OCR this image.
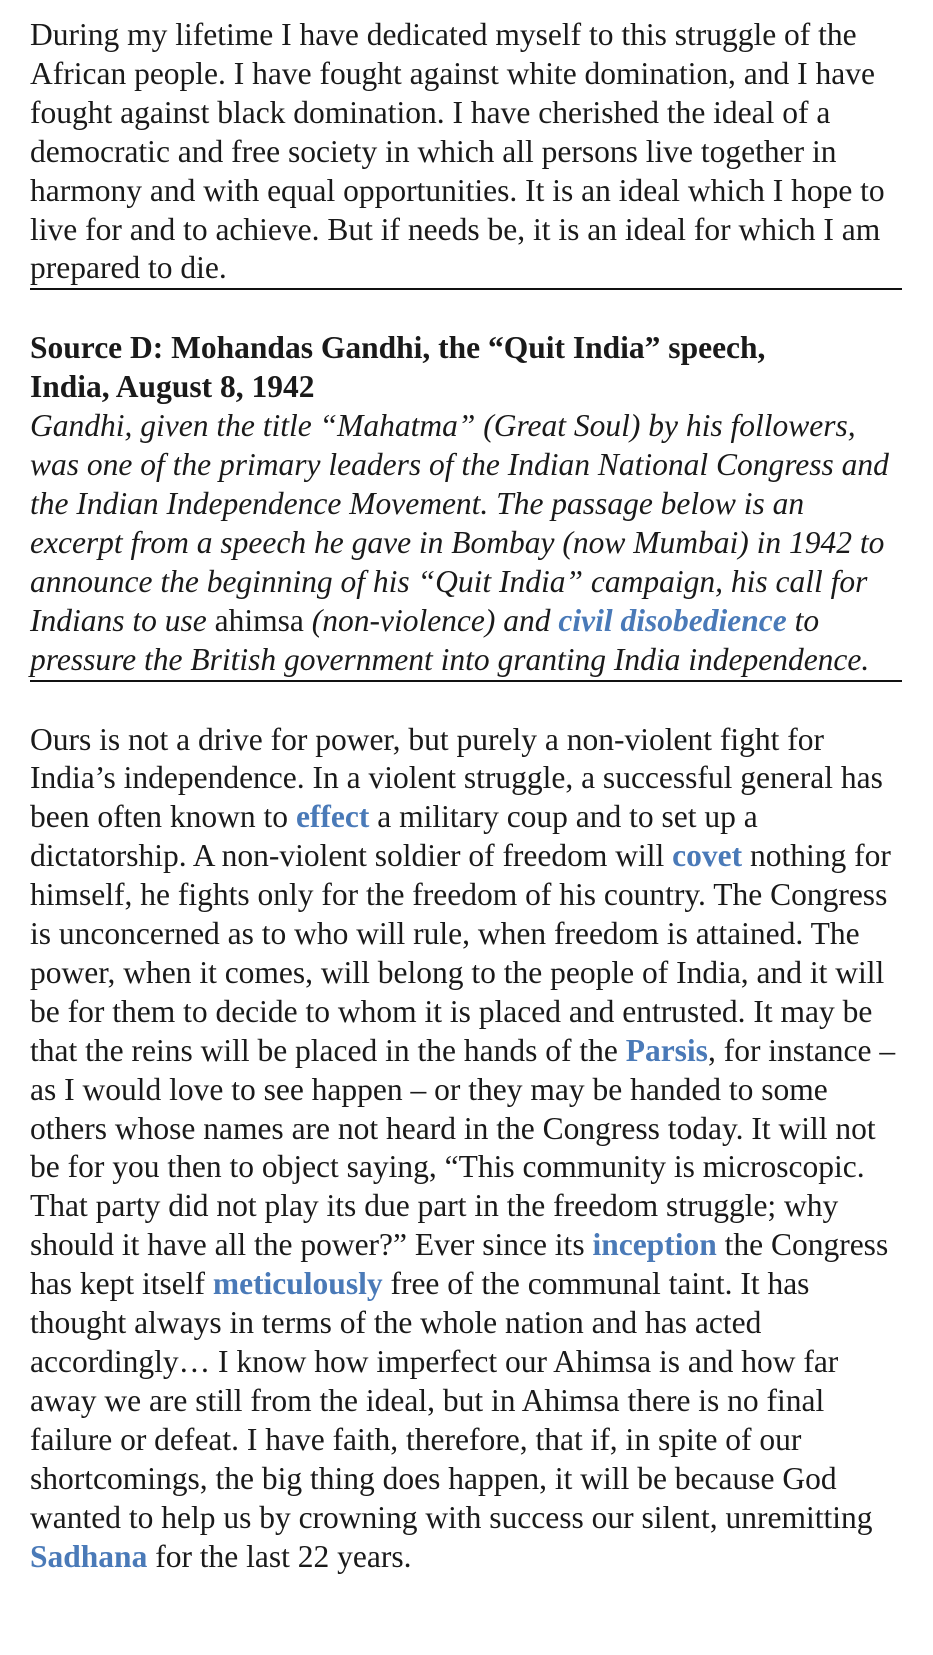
During my lifetime I have dedicated myself to this struggle of the African people. I have fought against white domination, and I have fought against black domination. I have cherished the ideal of a democratic and free society in which all persons live together in harmony and with equal opportunities. It is an ideal which I hope to live for and to achieve. But if needs be, it is an ideal for which I am prepared to die.

Source D: Mohandas Gandhi, the “Quit India” speech,
India, August 8, 1942

Gandhi, given the title “Mahatma” (Great Soul) by his followers, was one of the primary leaders of the Indian National Congress and the Indian Independence Movement. The passage below is an excerpt from a speech he gave in Bombay (now Mumbai) in 1942 to announce the beginning of his “Quit India” campaign, his call for Indians to use ahimsa (non-violence) and civil disobedience to pressure the British government into granting India independence.

Ours is not a drive for power, but purely a non-violent fight for India’s independence. In a violent struggle, a successful general has been often known to effect a military coup and to set up a dictatorship. A non-violent soldier of freedom will covet nothing for himself, he fights only for the freedom of his country. The Congress is unconcerned as to who will rule, when freedom is attained. The power, when it comes, will belong to the people of India, and it will be for them to decide to whom it is placed and entrusted. It may be that the reins will be placed in the hands of the Parsis, for instance – as I would love to see happen – or they may be handed to some others whose names are not heard in the Congress today. It will not be for you then to object saying, “This community is microscopic. That party did not play its due part in the freedom struggle; why should it have all the power?” Ever since its inception the Congress has kept itself meticulously free of the communal taint. It has thought always in terms of the whole nation and has acted accordingly… I know how imperfect our Ahimsa is and how far away we are still from the ideal, but in Ahimsa there is no final failure or defeat. I have faith, therefore, that if, in spite of our shortcomings, the big thing does happen, it will be because God wanted to help us by crowning with success our silent, unremitting Sadhana for the last 22 years.
